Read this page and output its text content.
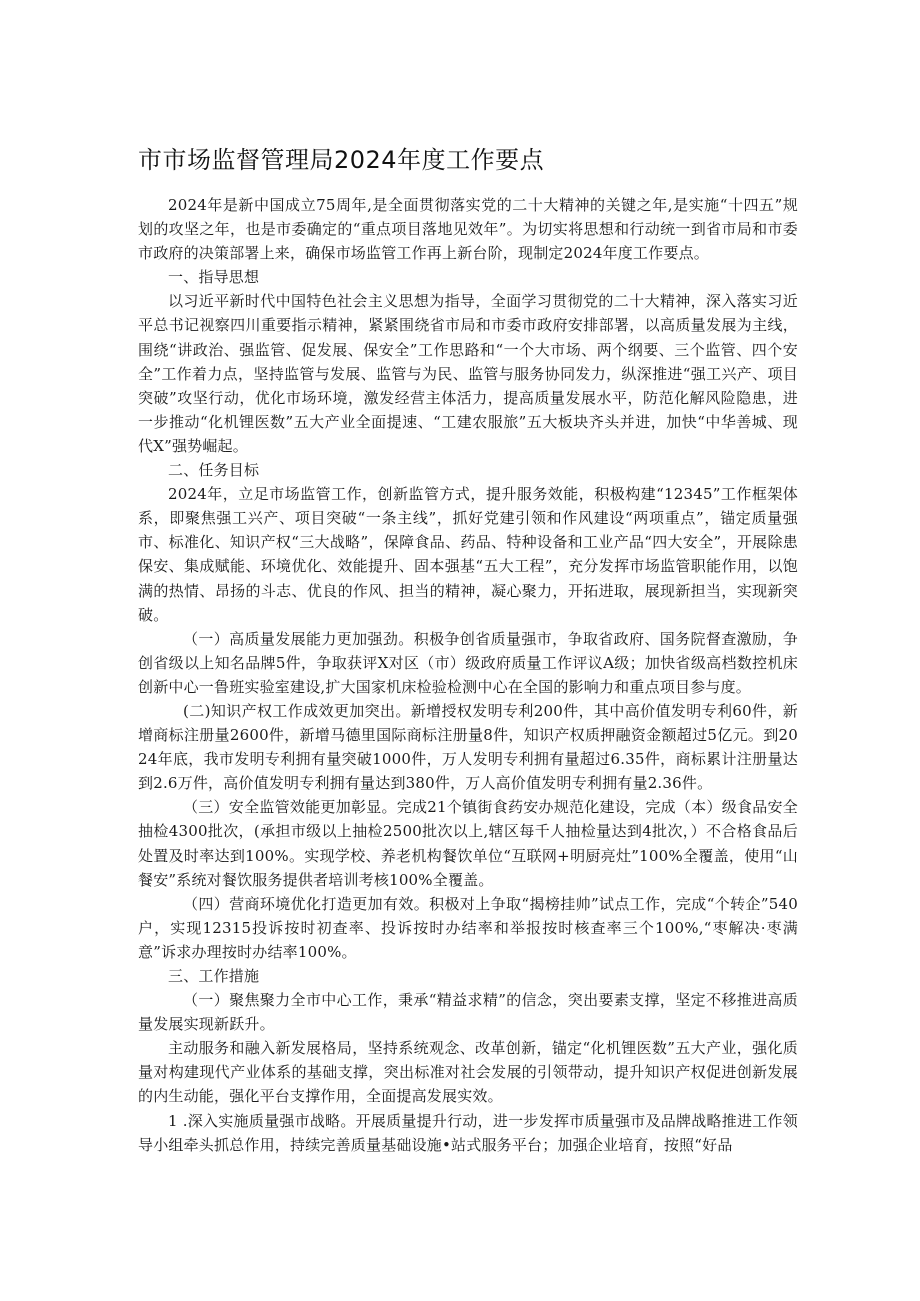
市市场监督管理局2024年度工作要点

2024年是新中国成立75周年,是全面贯彻落实党的二十大精神的关键之年,是实施“十四五”规划的攻坚之年，也是市委确定的“重点项目落地见效年”。为切实将思想和行动统一到省市局和市委市政府的决策部署上来，确保市场监管工作再上新台阶，现制定2024年度工作要点。

一、指导思想

以习近平新时代中国特色社会主义思想为指导，全面学习贯彻党的二十大精神，深入落实习近平总书记视察四川重要指示精神，紧紧围绕省市局和市委市政府安排部署，以高质量发展为主线，围绕“讲政治、强监管、促发展、保安全”工作思路和“一个大市场、两个纲要、三个监管、四个安全”工作着力点，坚持监管与发展、监管与为民、监管与服务协同发力，纵深推进“强工兴产、项目突破”攻坚行动，优化市场环境，激发经营主体活力，提高质量发展水平，防范化解风险隐患，进一步推动“化机锂医数”五大产业全面提速、“工建农服旅”五大板块齐头并进，加快“中华善城、现代X”强势崛起。

二、任务目标

2024年，立足市场监管工作，创新监管方式，提升服务效能，积极构建“12345”工作框架体系，即聚焦强工兴产、项目突破“一条主线”，抓好党建引领和作风建设“两项重点”，锚定质量强市、标准化、知识产权“三大战略”，保障食品、药品、特种设备和工业产品“四大安全”，开展除患保安、集成赋能、环境优化、效能提升、固本强基“五大工程”，充分发挥市场监管职能作用，以饱满的热情、昂扬的斗志、优良的作风、担当的精神，凝心聚力，开拓进取，展现新担当，实现新突破。

（一）高质量发展能力更加强劲。积极争创省质量强市，争取省政府、国务院督查激励，争创省级以上知名品牌5件，争取获评X对区（市）级政府质量工作评议A级；加快省级高档数控机床创新中心一鲁班实验室建设,扩大国家机床检验检测中心在全国的影响力和重点项目参与度。

(二)知识产权工作成效更加突出。新增授权发明专利200件，其中高价值发明专利60件，新增商标注册量2600件，新增马德里国际商标注册量8件，知识产权质押融资金额超过5亿元。到2024年底，我市发明专利拥有量突破1000件，万人发明专利拥有量超过6.35件，商标累计注册量达到2.6万件，高价值发明专利拥有量达到380件，万人高价值发明专利拥有量2.36件。

（三）安全监管效能更加彰显。完成21个镇街食药安办规范化建设，完成（本）级食品安全抽检4300批次，(承担市级以上抽检2500批次以上,辖区每千人抽检量达到4批次，）不合格食品后处置及时率达到100%。实现学校、养老机构餐饮单位“互联网+明厨亮灶”100%全覆盖，使用“山餐安”系统对餐饮服务提供者培训考核100%全覆盖。

（四）营商环境优化打造更加有效。积极对上争取“揭榜挂帅”试点工作，完成“个转企”540户，实现12315投诉按时初查率、投诉按时办结率和举报按时核查率三个100%,“枣解决·枣满意”诉求办理按时办结率100%。

三、工作措施

（一）聚焦聚力全市中心工作，秉承“精益求精”的信念，突出要素支撑，坚定不移推进高质量发展实现新跃升。

主动服务和融入新发展格局，坚持系统观念、改革创新，锚定“化机锂医数”五大产业，强化质量对构建现代产业体系的基础支撑，突出标准对社会发展的引领带动，提升知识产权促进创新发展的内生动能，强化平台支撑作用，全面提高发展实效。

1 .深入实施质量强市战略。开展质量提升行动，进一步发挥市质量强市及品牌战略推进工作领导小组牵头抓总作用，持续完善质量基础设施•站式服务平台；加强企业培育，按照“好品
